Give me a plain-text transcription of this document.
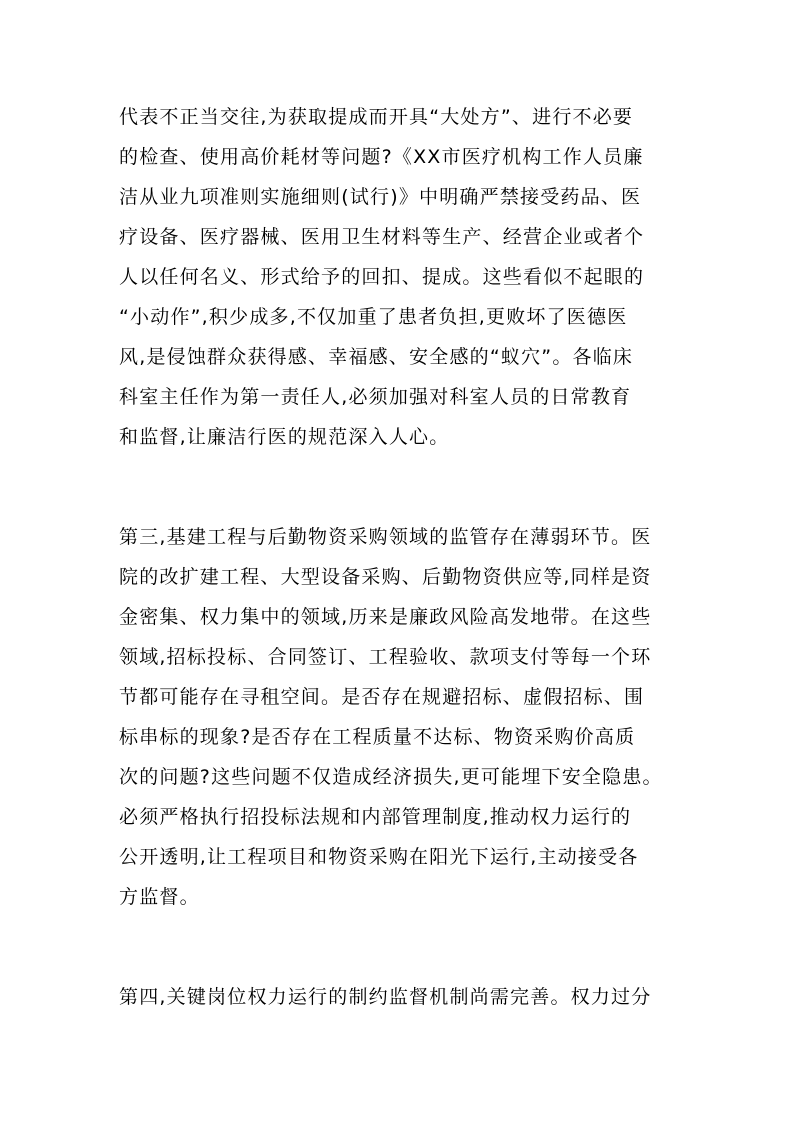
代表不正当交往,为获取提成而开具“大处方”、进行不必要
的检查、使用高价耗材等问题?《XX市医疗机构工作人员廉
洁从业九项准则实施细则(试行)》中明确严禁接受药品、医
疗设备、医疗器械、医用卫生材料等生产、经营企业或者个
人以任何名义、形式给予的回扣、提成。这些看似不起眼的
“小动作”,积少成多,不仅加重了患者负担,更败坏了医德医
风,是侵蚀群众获得感、幸福感、安全感的“蚁穴”。各临床
科室主任作为第一责任人,必须加强对科室人员的日常教育
和监督,让廉洁行医的规范深入人心。
第三,基建工程与后勤物资采购领域的监管存在薄弱环节。医
院的改扩建工程、大型设备采购、后勤物资供应等,同样是资
金密集、权力集中的领域,历来是廉政风险高发地带。在这些
领域,招标投标、合同签订、工程验收、款项支付等每一个环
节都可能存在寻租空间。是否存在规避招标、虚假招标、围
标串标的现象?是否存在工程质量不达标、物资采购价高质
次的问题?这些问题不仅造成经济损失,更可能埋下安全隐患。
必须严格执行招投标法规和内部管理制度,推动权力运行的
公开透明,让工程项目和物资采购在阳光下运行,主动接受各
方监督。
第四,关键岗位权力运行的制约监督机制尚需完善。权力过分
